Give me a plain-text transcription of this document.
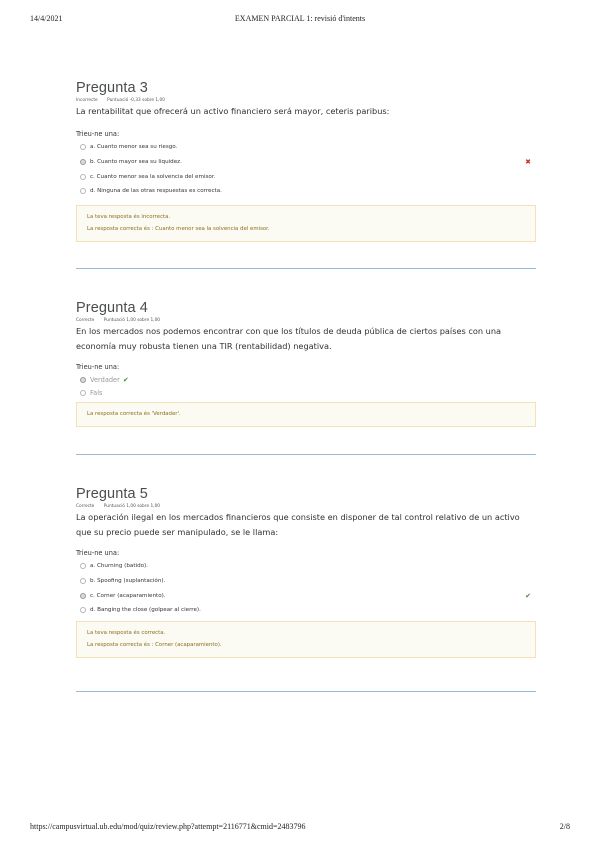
14/4/2021	EXAMEN PARCIAL 1: revisió d'intents
Pregunta 3
Incorrecte Puntuació -0,33 sobre 1,00
La rentabilitat que ofrecerá un activo financiero será mayor, ceteris paribus:
Trieu-ne una:
a. Cuanto menor sea su riesgo.
b. Cuanto mayor sea su liquidez.	✖
c. Cuanto menor sea la solvencia del emisor.
d. Ninguna de las otras respuestas es correcta.
La teva resposta és incorrecta.
La resposta correcta és : Cuanto menor sea la solvencia del emisor.
Pregunta 4
Correcte Puntuació 1,00 sobre 1,00
En los mercados nos podemos encontrar con que los títulos de deuda pública de ciertos países con una economía muy robusta tienen una TIR (rentabilidad) negativa.
Trieu-ne una:
Verdader ✔
Fals
La resposta correcta és 'Verdader'.
Pregunta 5
Correcte Puntuació 1,00 sobre 1,00
La operación ilegal en los mercados financieros que consiste en disponer de tal control relativo de un activo que su precio puede ser manipulado, se le llama:
Trieu-ne una:
a. Churning (batido).
b. Spoofing (suplantación).
c. Corner (acaparamiento).	✔
d. Banging the close (golpear al cierre).
La teva resposta és correcta.
La resposta correcta és : Corner (acaparamiento).
https://campusvirtual.ub.edu/mod/quiz/review.php?attempt=2116771&cmid=2483796	2/8
